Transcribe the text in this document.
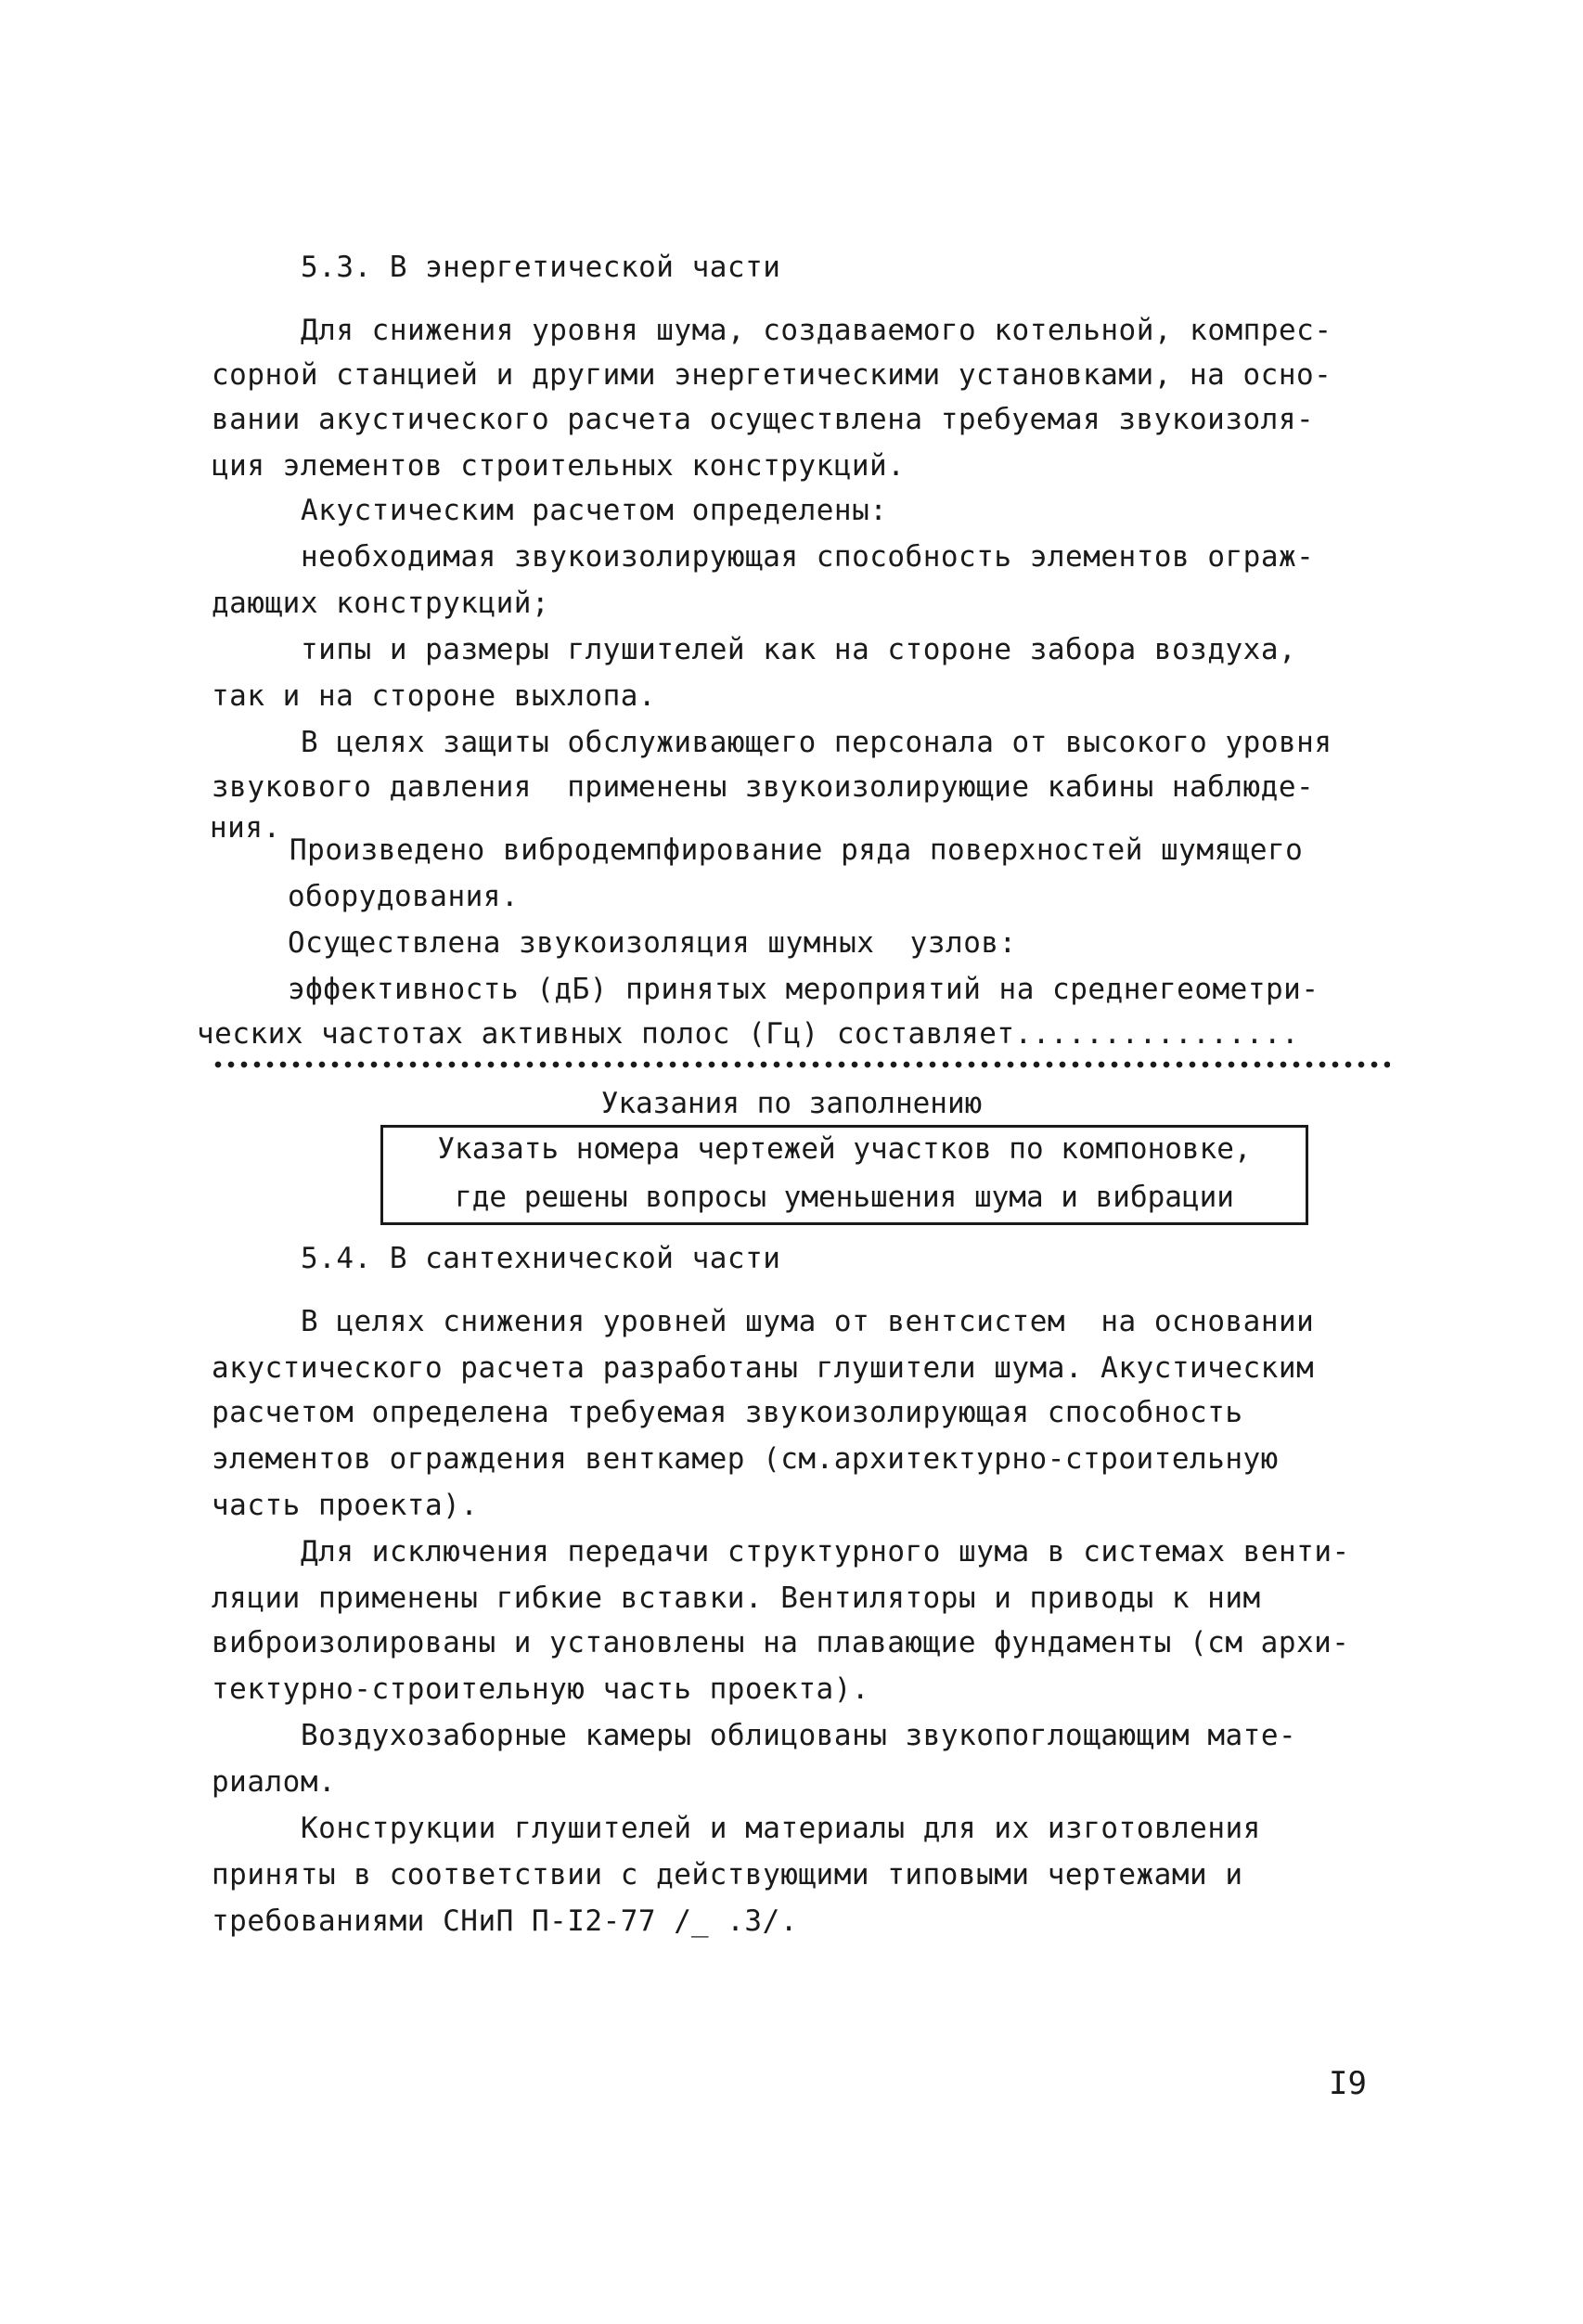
5.3. В энергетической части

Для снижения уровня шума, создаваемого котельной, компрес-

сорной станцией и другими энергетическими установками, на осно-

вании акустического расчета осуществлена требуемая звукоизоля-

ция элементов строительных конструкций.

Акустическим расчетом определены:

необходимая звукоизолирующая способность элементов ограж-

дающих конструкций;

типы и размеры глушителей как на стороне забора воздуха,

так и на стороне выхлопа.

В целях защиты обслуживающего персонала от высокого уровня

звукового давления  применены звукоизолирующие кабины наблюде-

ния.

Произведено вибродемпфирование ряда поверхностей шумящего

оборудования.

Осуществлена звукоизоляция шумных  узлов:

эффективность (дБ) принятых мероприятий на среднегеометри-

ческих частотах активных полос (Гц) составляет................

Указания по заполнению
Указать номера чертежей участков по компоновке,
где решены вопросы уменьшения шума и вибрации

5.4. В сантехнической части

В целях снижения уровней шума от вентсистем  на основании

акустического расчета разработаны глушители шума. Акустическим

расчетом определена требуемая звукоизолирующая способность

элементов ограждения венткамер (см.архитектурно-строительную

часть проекта).

Для исключения передачи структурного шума в системах венти-

ляции применены гибкие вставки. Вентиляторы и приводы к ним

виброизолированы и установлены на плавающие фундаменты (см архи-

тектурно-строительную часть проекта).

Воздухозаборные камеры облицованы звукопоглощающим мате-

риалом.

Конструкции глушителей и материалы для их изготовления

приняты в соответствии с действующими типовыми чертежами и

требованиями СНиП П-I2-77 /̲ .3/.

I9
